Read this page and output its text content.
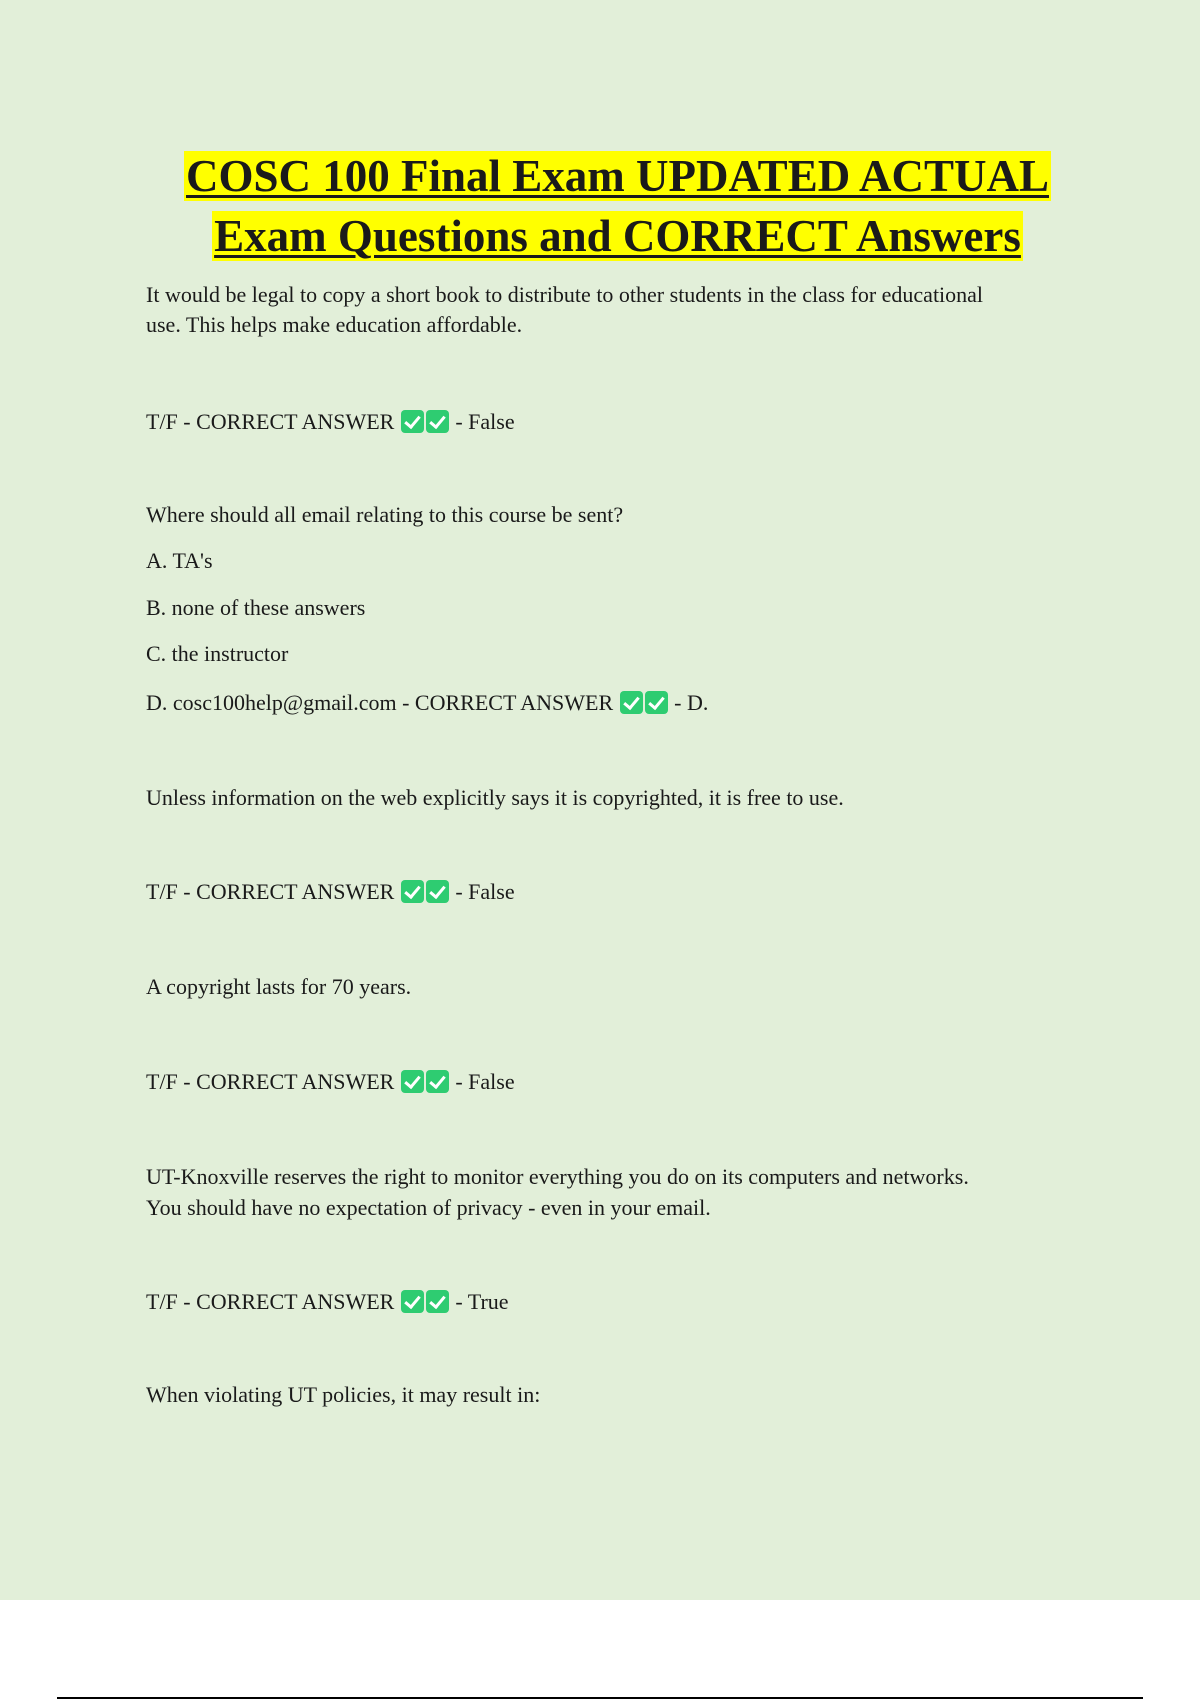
COSC 100 Final Exam UPDATED ACTUAL
Exam Questions and CORRECT Answers
It would be legal to copy a short book to distribute to other students in the class for educational
use. This helps make education affordable.
T/F - CORRECT ANSWER	- False
Where should all email relating to this course be sent?
A. TA's
B. none of these answers
C. the instructor
D. cosc100help@gmail.com - CORRECT ANSWER	- D.
Unless information on the web explicitly says it is copyrighted, it is free to use.
T/F - CORRECT ANSWER	- False
A copyright lasts for 70 years.
T/F - CORRECT ANSWER	- False
UT-Knoxville reserves the right to monitor everything you do on its computers and networks.
You should have no expectation of privacy - even in your email.
T/F - CORRECT ANSWER	- True
When violating UT policies, it may result in:
